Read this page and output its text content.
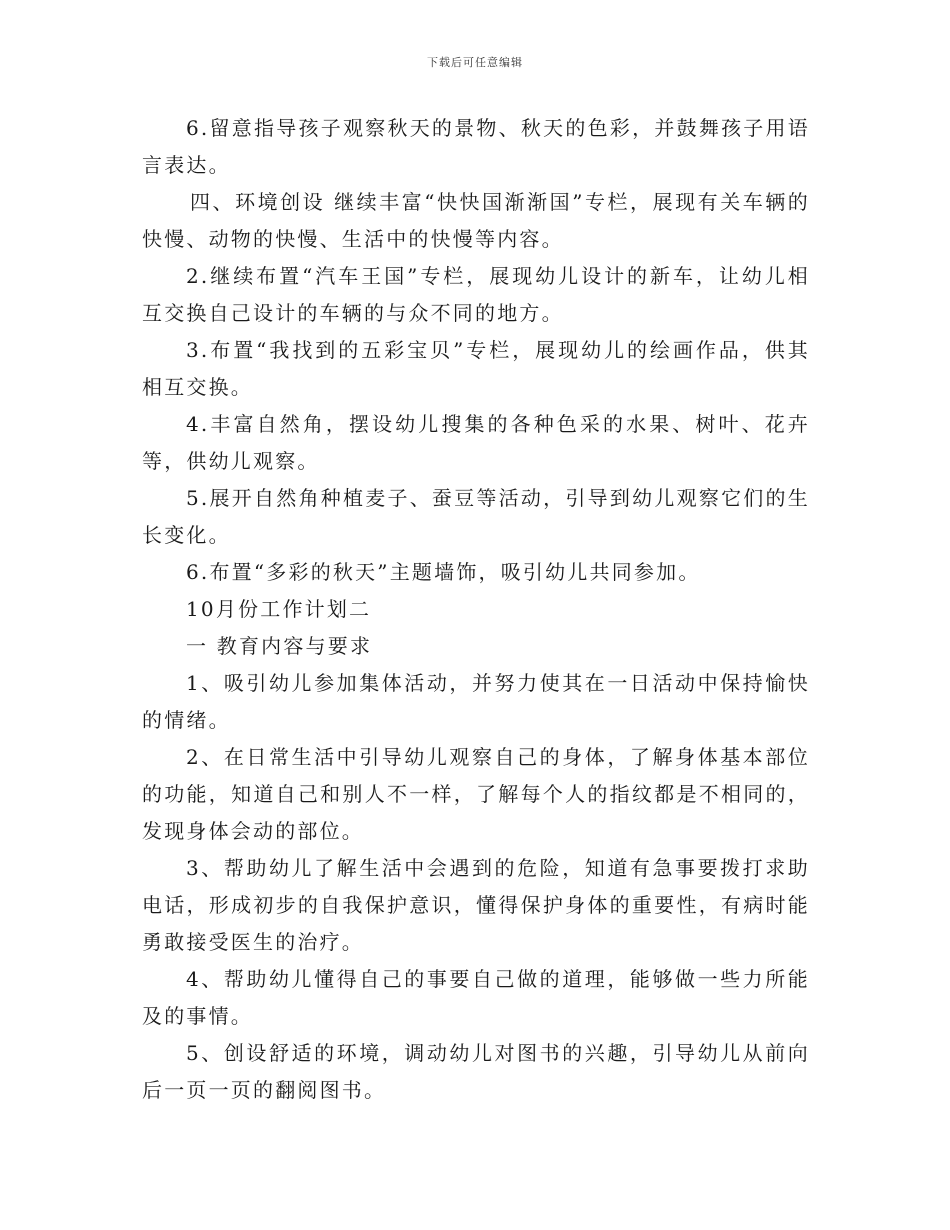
下载后可任意编辑

6.留意指导孩子观察秋天的景物、秋天的色彩，并鼓舞孩子用语言表达。

四、环境创设 继续丰富“快快国渐渐国”专栏，展现有关车辆的快慢、动物的快慢、生活中的快慢等内容。

2.继续布置“汽车王国”专栏，展现幼儿设计的新车，让幼儿相互交换自己设计的车辆的与众不同的地方。

3.布置“我找到的五彩宝贝”专栏，展现幼儿的绘画作品，供其相互交换。

4.丰富自然角，摆设幼儿搜集的各种色采的水果、树叶、花卉等，供幼儿观察。

5.展开自然角种植麦子、蚕豆等活动，引导到幼儿观察它们的生长变化。

6.布置“多彩的秋天”主题墙饰，吸引幼儿共同参加。

10月份工作计划二

一 教育内容与要求

1、吸引幼儿参加集体活动，并努力使其在一日活动中保持愉快的情绪。

2、在日常生活中引导幼儿观察自己的身体，了解身体基本部位的功能，知道自己和别人不一样，了解每个人的指纹都是不相同的，发现身体会动的部位。

3、帮助幼儿了解生活中会遇到的危险，知道有急事要拨打求助电话，形成初步的自我保护意识，懂得保护身体的重要性，有病时能勇敢接受医生的治疗。

4、帮助幼儿懂得自己的事要自己做的道理，能够做一些力所能及的事情。

5、创设舒适的环境，调动幼儿对图书的兴趣，引导幼儿从前向后一页一页的翻阅图书。
